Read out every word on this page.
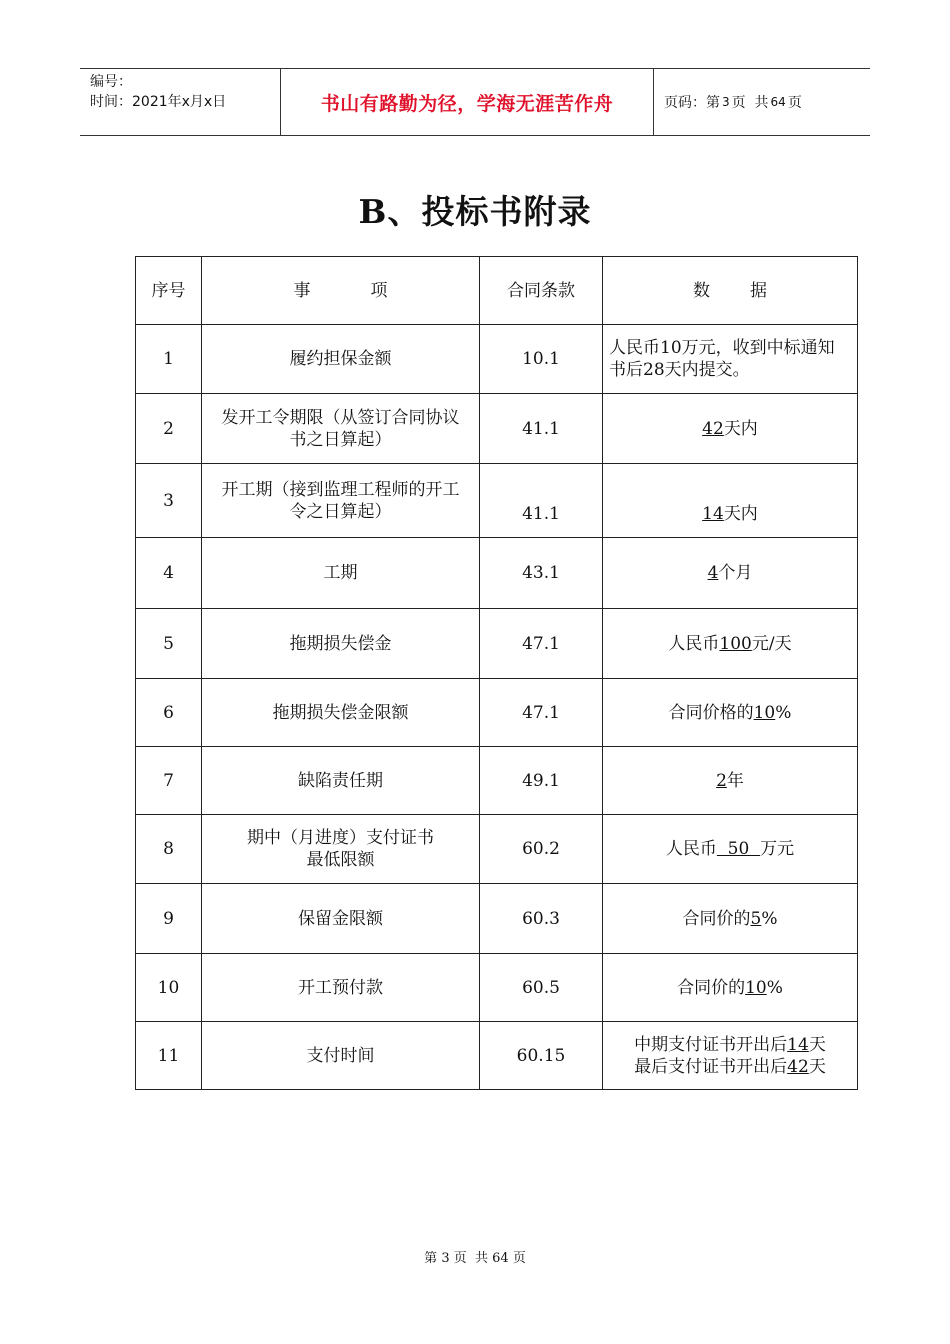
编号：
时间：2021年x月x日	书山有路勤为径，学海无涯苦作舟	页码：第 3 页  共 64 页
B、投标书附录
序号	事 项	合同条款	数 据
1	履约担保金额	10.1	人民币10万元，收到中标通知书后28天内提交。
2	发开工令期限（从签订合同协议书之日算起）	41.1	42天内
3	开工期（接到监理工程师的开工令之日算起）	41.1	14天内
4	工期	43.1	4个月
5	拖期损失偿金	47.1	人民币100元/天
6	拖期损失偿金限额	47.1	合同价格的10%
7	缺陷责任期	49.1	2年
8	期中（月进度）支付证书
最低限额	60.2	人民币  50  万元
9	保留金限额	60.3	合同价的5%
10	开工预付款	60.5	合同价的10%
11	支付时间	60.15	中期支付证书开出后14天
最后支付证书开出后42天
第 3 页  共 64 页
